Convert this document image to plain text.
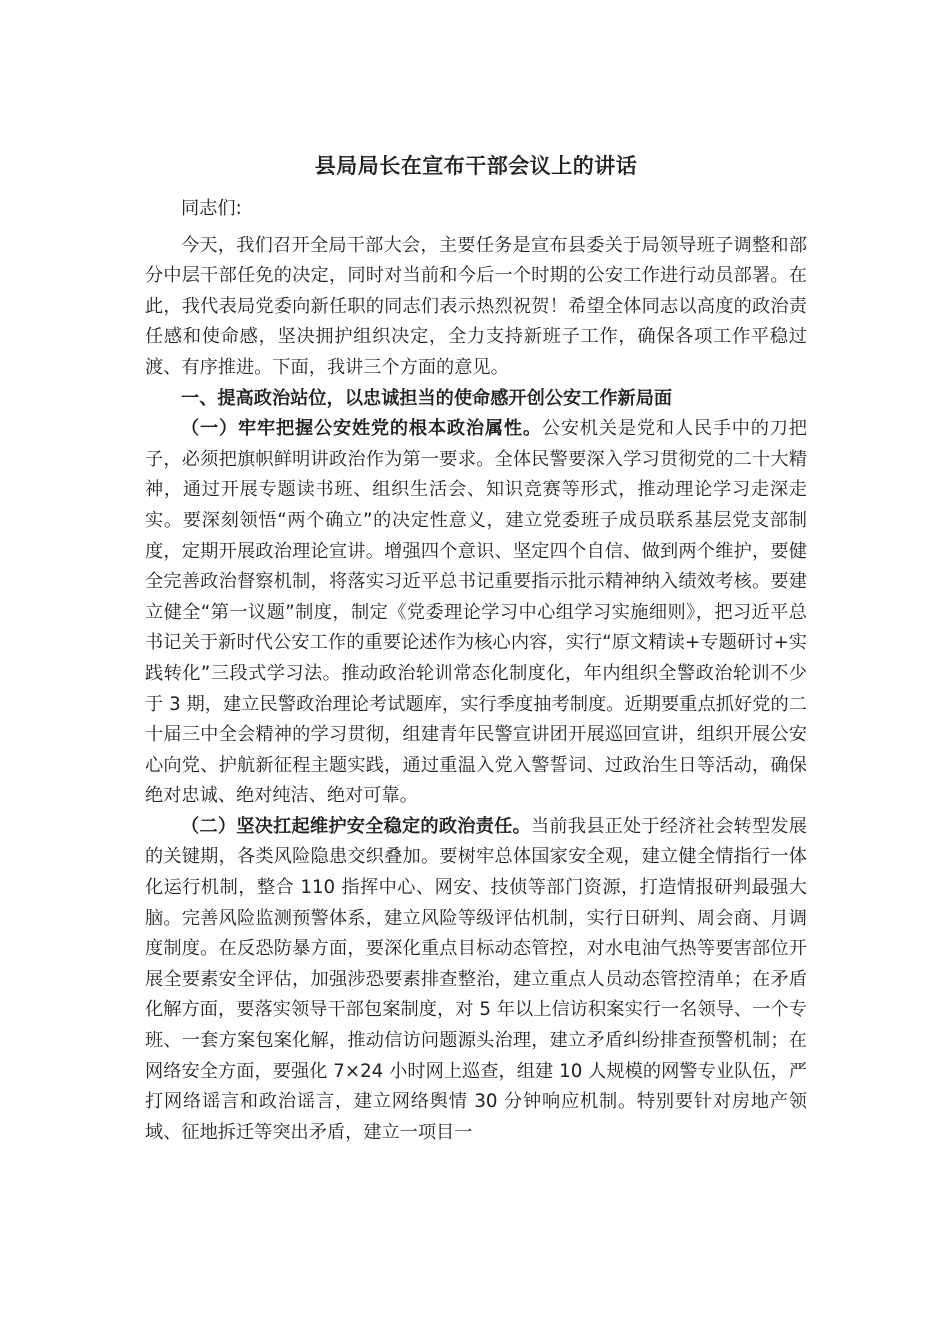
县局局长在宣布干部会议上的讲话

同志们:

今天，我们召开全局干部大会，主要任务是宣布县委关于局领导班子调整和部分中层干部任免的决定，同时对当前和今后一个时期的公安工作进行动员部署。在此，我代表局党委向新任职的同志们表示热烈祝贺！希望全体同志以高度的政治责任感和使命感，坚决拥护组织决定，全力支持新班子工作，确保各项工作平稳过渡、有序推进。下面，我讲三个方面的意见。

一、提高政治站位，以忠诚担当的使命感开创公安工作新局面

（一）牢牢把握公安姓党的根本政治属性。公安机关是党和人民手中的刀把子，必须把旗帜鲜明讲政治作为第一要求。全体民警要深入学习贯彻党的二十大精神，通过开展专题读书班、组织生活会、知识竞赛等形式，推动理论学习走深走实。要深刻领悟“两个确立”的决定性意义，建立党委班子成员联系基层党支部制度，定期开展政治理论宣讲。增强四个意识、坚定四个自信、做到两个维护，要健全完善政治督察机制，将落实习近平总书记重要指示批示精神纳入绩效考核。要建立健全“第一议题”制度，制定《党委理论学习中心组学习实施细则》，把习近平总书记关于新时代公安工作的重要论述作为核心内容，实行“原文精读+专题研讨+实践转化”三段式学习法。推动政治轮训常态化制度化，年内组织全警政治轮训不少于 3 期，建立民警政治理论考试题库，实行季度抽考制度。近期要重点抓好党的二十届三中全会精神的学习贯彻，组建青年民警宣讲团开展巡回宣讲，组织开展公安心向党、护航新征程主题实践，通过重温入党入警誓词、过政治生日等活动，确保绝对忠诚、绝对纯洁、绝对可靠。

（二）坚决扛起维护安全稳定的政治责任。当前我县正处于经济社会转型发展的关键期，各类风险隐患交织叠加。要树牢总体国家安全观，建立健全情指行一体化运行机制，整合 110 指挥中心、网安、技侦等部门资源，打造情报研判最强大脑。完善风险监测预警体系，建立风险等级评估机制，实行日研判、周会商、月调度制度。在反恐防暴方面，要深化重点目标动态管控，对水电油气热等要害部位开展全要素安全评估，加强涉恐要素排查整治，建立重点人员动态管控清单；在矛盾化解方面，要落实领导干部包案制度，对 5 年以上信访积案实行一名领导、一个专班、一套方案包案化解，推动信访问题源头治理，建立矛盾纠纷排查预警机制；在网络安全方面，要强化 7×24 小时网上巡查，组建 10 人规模的网警专业队伍，严打网络谣言和政治谣言，建立网络舆情 30 分钟响应机制。特别要针对房地产领域、征地拆迁等突出矛盾，建立一项目一
